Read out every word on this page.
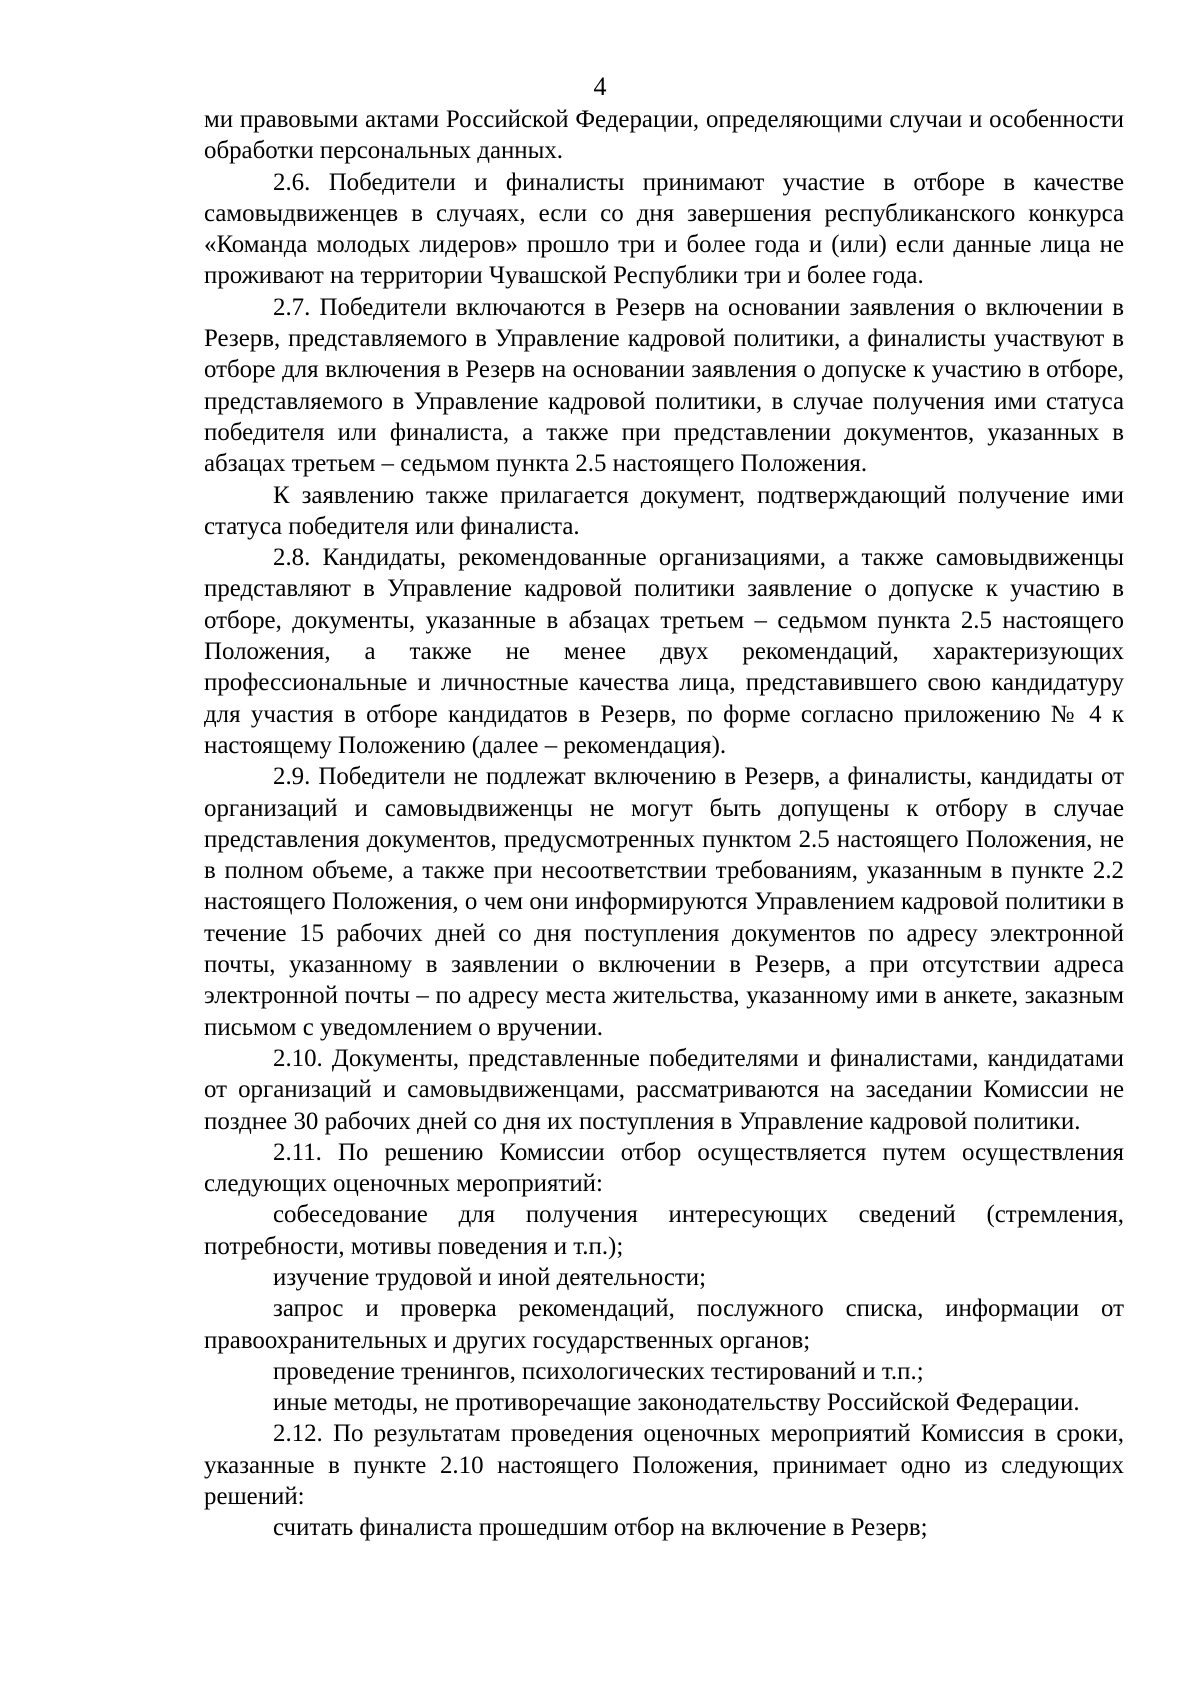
4

ми правовыми актами Российской Федерации, определяющими случаи и особенности обработки персональных данных.

2.6. Победители и финалисты принимают участие в отборе в качестве самовыдвиженцев в случаях, если со дня завершения республиканского конкурса «Команда молодых лидеров» прошло три и более года и (или) если данные лица не проживают на территории Чувашской Республики три и более года.

2.7. Победители включаются в Резерв на основании заявления о включении в Резерв, представляемого в Управление кадровой политики, а финалисты участвуют в отборе для включения в Резерв на основании заявления о допуске к участию в отборе, представляемого в Управление кадровой политики, в случае получения ими статуса победителя или финалиста, а также при представлении документов, указанных в абзацах третьем – седьмом пункта 2.5 настоящего Положения.

К заявлению также прилагается документ, подтверждающий получение ими статуса победителя или финалиста.

2.8. Кандидаты, рекомендованные организациями, а также самовыдвиженцы представляют в Управление кадровой политики заявление о допуске к участию в отборе, документы, указанные в абзацах третьем – седьмом пункта 2.5 настоящего Положения, а также не менее двух рекомендаций, характеризующих профессиональные и личностные качества лица, представившего свою кандидатуру для участия в отборе кандидатов в Резерв, по форме согласно приложению № 4 к настоящему Положению (далее – рекомендация).

2.9. Победители не подлежат включению в Резерв, а финалисты, кандидаты от организаций и самовыдвиженцы не могут быть допущены к отбору в случае представления документов, предусмотренных пунктом 2.5 настоящего Положения, не в полном объеме, а также при несоответствии требованиям, указанным в пункте 2.2 настоящего Положения, о чем они информируются Управлением кадровой политики в течение 15 рабочих дней со дня поступления документов по адресу электронной почты, указанному в заявлении о включении в Резерв, а при отсутствии адреса электронной почты – по адресу места жительства, указанному ими в анкете, заказным письмом с уведомлением о вручении.

2.10. Документы, представленные победителями и финалистами, кандидатами от организаций и самовыдвиженцами, рассматриваются на заседании Комиссии не позднее 30 рабочих дней со дня их поступления в Управление кадровой политики.

2.11. По решению Комиссии отбор осуществляется путем осуществления следующих оценочных мероприятий:

собеседование для получения интересующих сведений (стремления, потребности, мотивы поведения и т.п.);

изучение трудовой и иной деятельности;

запрос и проверка рекомендаций, послужного списка, информации от правоохранительных и других государственных органов;

проведение тренингов, психологических тестирований и т.п.;

иные методы, не противоречащие законодательству Российской Федерации.

2.12. По результатам проведения оценочных мероприятий Комиссия в сроки, указанные в пункте 2.10 настоящего Положения, принимает одно из следующих решений:

считать финалиста прошедшим отбор на включение в Резерв;
